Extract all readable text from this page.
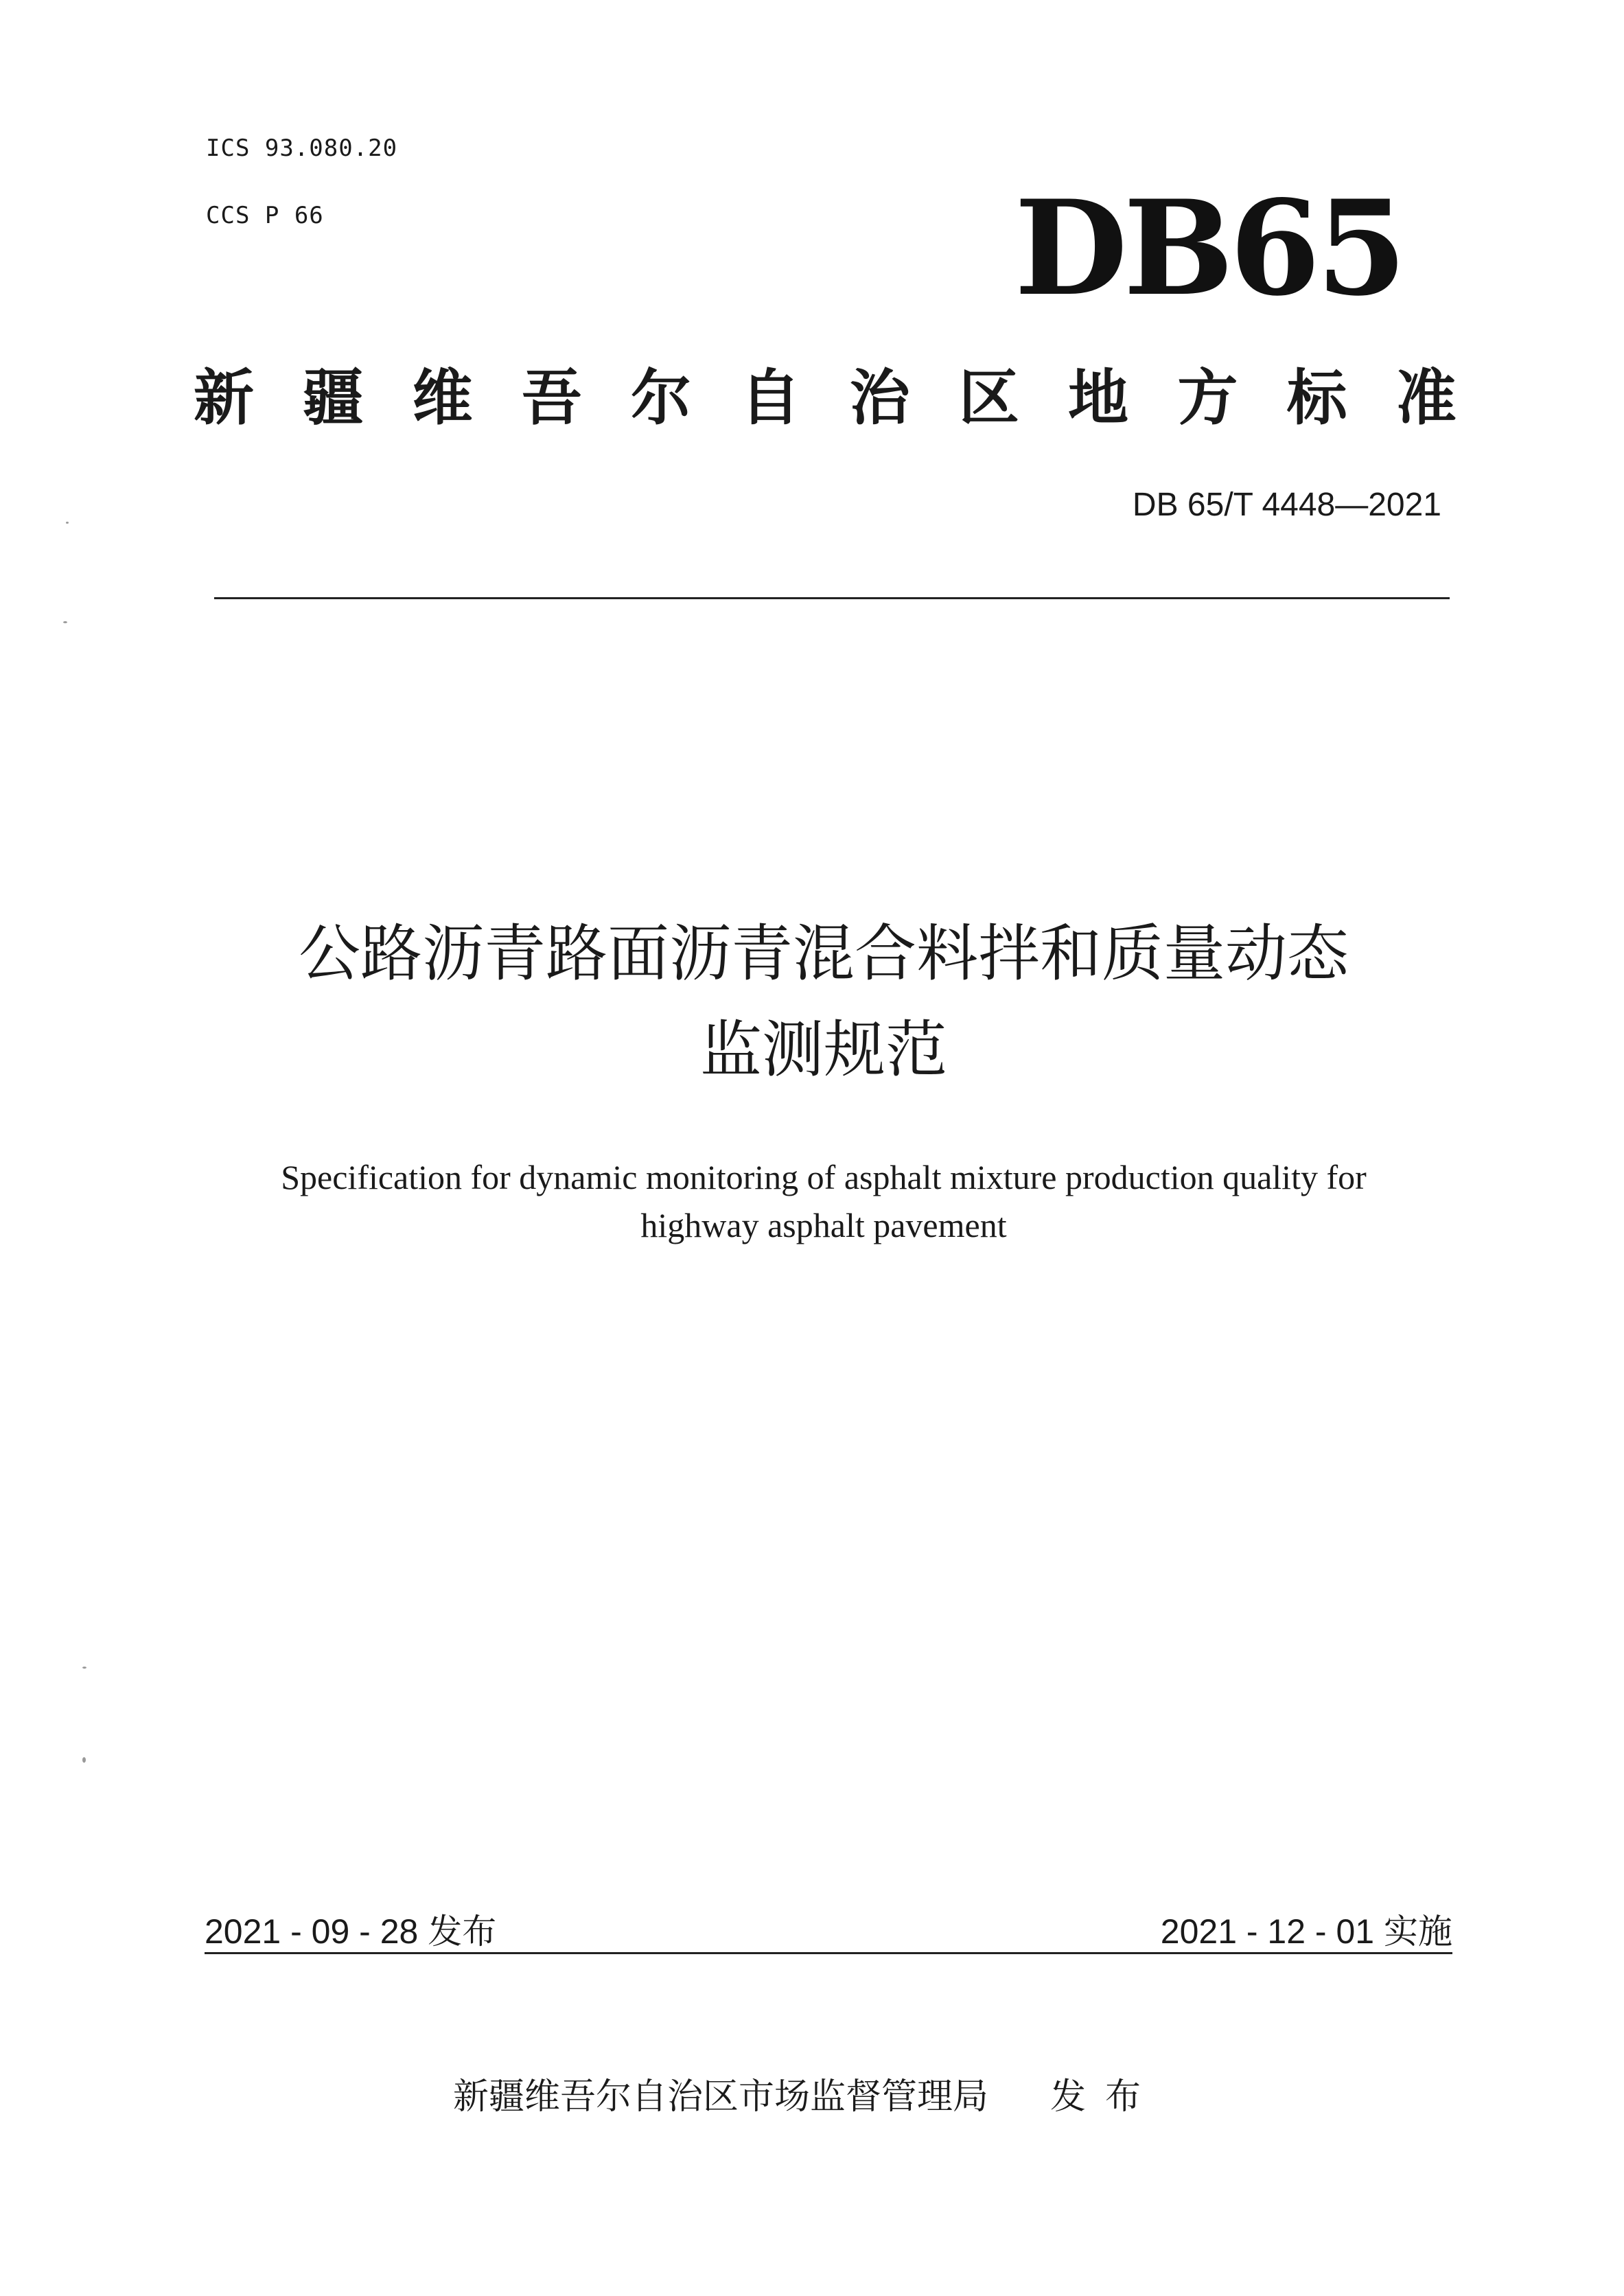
ICS 93.080.20
CCS P 66	DB65
新 疆 维 吾 尔 自 治 区 地 方 标 准
DB 65/T 4448—2021
公路沥青路面沥青混合料拌和质量动态
监测规范
Specification for dynamic monitoring of asphalt mixture production quality for
highway asphalt pavement
2021 - 09 - 28 发布	2021 - 12 - 01 实施
新疆维吾尔自治区市场监督管理局 发布
